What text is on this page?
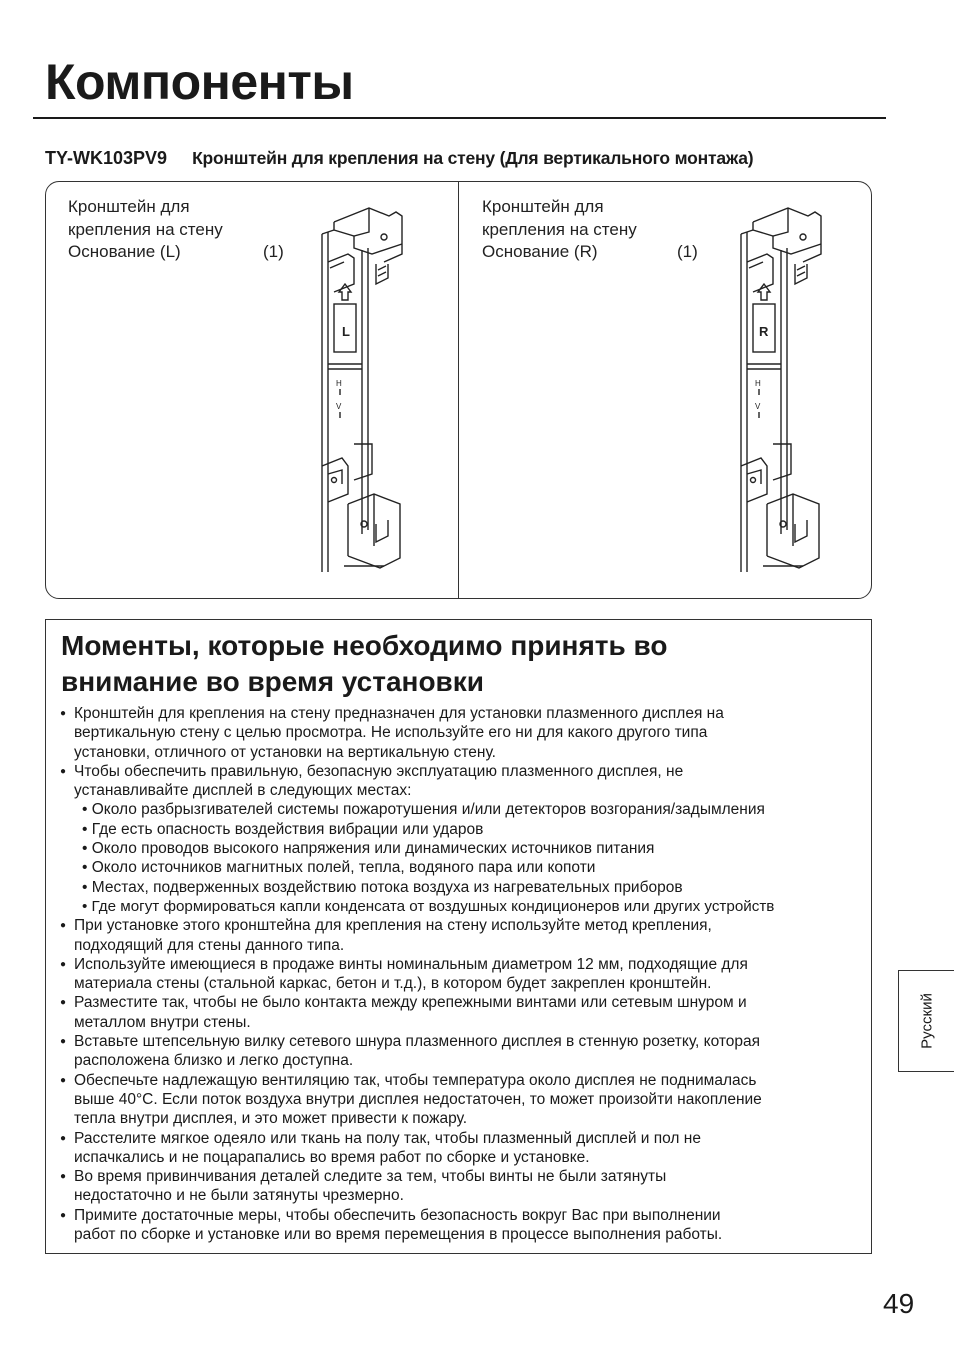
Компоненты
TY-WK103PV9 Кронштейн для крепления на стену (Для вертикального монтажа)
Кронштейн для
крепления на стену
Основание (L)	(1)
L
H
V
Кронштейн для
крепления на стену
Основание (R)	(1)
R
H
V
Моменты, которые необходимо принять во
внимание во время установки
● Кронштейн для крепления на стену предназначен для установки плазменного дисплея на
вертикальную стену с целью просмотра. Не используйте его ни для какого другого типа
установки, отличного от установки на вертикальную стену.
● Чтобы обеспечить правильную, безопасную эксплуатацию плазменного дисплея, не
устанавливайте дисплей в следующих местах:
• Около разбрызгивателей системы пожаротушения и/или детекторов возгорания/задымления
• Где есть опасность воздействия вибрации или ударов
• Около проводов высокого напряжения или динамических источников питания
• Около источников магнитных полей, тепла, водяного пара или копоти
• Местах, подверженных воздействию потока воздуха из нагревательных приборов
• Где могут формироваться капли конденсата от воздушных кондиционеров или других устройств
● При установке этого кронштейна для крепления на стену используйте метод крепления,
подходящий для стены данного типа.
● Используйте имеющиеся в продаже винты номинальным диаметром 12 мм, подходящие для
материала стены (стальной каркас, бетон и т.д.), в котором будет закреплен кронштейн.
● Разместите так, чтобы не было контакта между крепежными винтами или сетевым шнуром и
металлом внутри стены.
● Вставьте штепсельную вилку сетевого шнура плазменного дисплея в стенную розетку, которая
расположена близко и легко доступна.
● Обеспечьте надлежащую вентиляцию так, чтобы температура около дисплея не поднималась
выше 40°C. Если поток воздуха внутри дисплея недостаточен, то может произойти накопление
тепла внутри дисплея, и это может привести к пожару.
● Расстелите мягкое одеяло или ткань на полу так, чтобы плазменный дисплей и пол не
испачкались и не поцарапались во время работ по сборке и установке.
● Во время привинчивания деталей следите за тем, чтобы винты не были затянуты
недостаточно и не были затянуты чрезмерно.
● Примите достаточные меры, чтобы обеспечить безопасность вокруг Вас при выполнении
работ по сборке и установке или во время перемещения в процессе выполнения работы.
Русский
49
